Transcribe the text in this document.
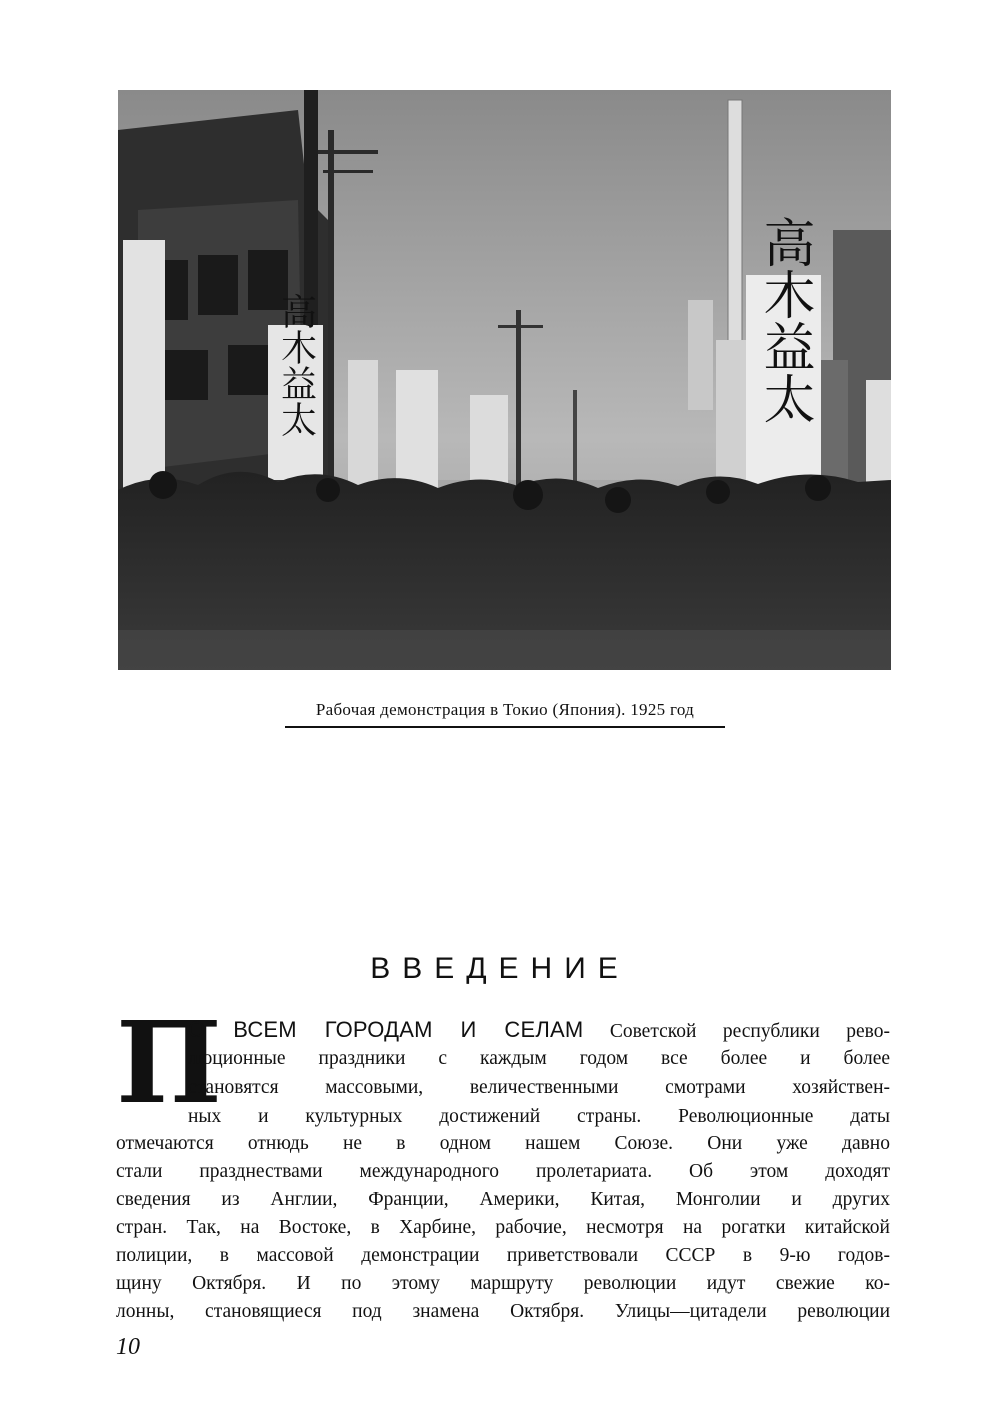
高木益太	高木益太
Рабочая демонстрация в Токио (Япония). 1925 год
ВВЕДЕНИЕ
П
О ВСЕМ ГОРОДАМ И СЕЛАМ Советской республики рево-
люционные праздники с каждым годом все более и более
становятся массовыми, величественными смотрами хозяйствен-
ных и культурных достижений страны. Революционные даты
отмечаются отнюдь не в одном нашем Союзе. Они уже давно
стали празднествами международного пролетариата. Об этом доходят
сведения из Англии, Франции, Америки, Китая, Монголии и других
стран. Так, на Востоке, в Харбине, рабочие, несмотря на рогатки китайской
полиции, в массовой демонстрации приветствовали СССР в 9-ю годов-
щину Октября. И по этому маршруту революции идут свежие ко-
лонны, становящиеся под знамена Октября. Улицы—цитадели революции
10
